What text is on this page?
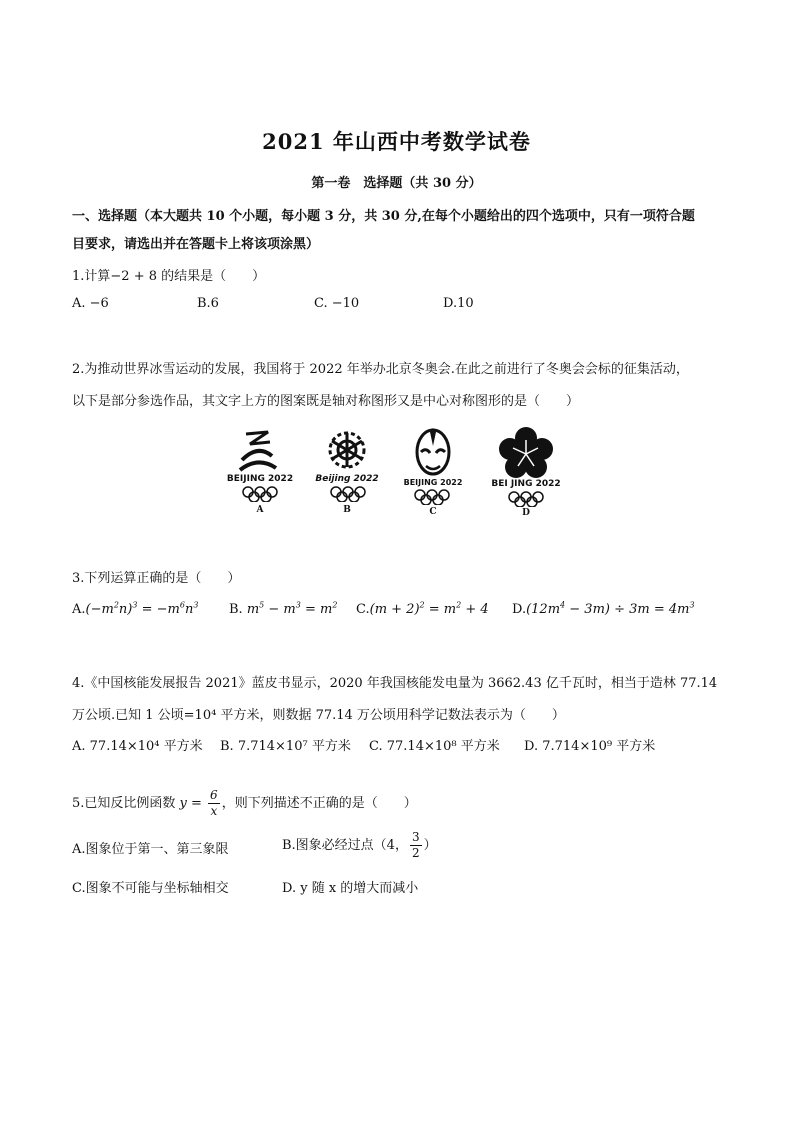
2021 年山西中考数学试卷
第一卷　选择题（共 30 分）
一、选择题（本大题共 10 个小题，每小题 3 分，共 30 分,在每个小题给出的四个选项中，只有一项符合题
目要求，请选出并在答题卡上将该项涂黑）
1.计算−2 + 8 的结果是（　　）
A. −6	B.6	C. −10	D.10
2.为推动世界冰雪运动的发展，我国将于 2022 年举办北京冬奥会.在此之前进行了冬奥会会标的征集活动，
以下是部分参选作品，其文字上方的图案既是轴对称图形又是中心对称图形的是（　　）
BEIJING 2022
A
Beijing 2022
B
BEIJING 2022
C
BEI JING 2022
D
3.下列运算正确的是（　　）
$A.(-m^2n)^3 = -m^6n^3$ B. $m^5 - m^3 = m^2$ $C.(m + 2)^2 = m^2 + 4$ $D.(12m^4 - 3m) \div 3m = 4m^3$
4.《中国核能发展报告 2021》蓝皮书显示，2020 年我国核能发电量为 3662.43 亿千瓦时，相当于造林 77.14
万公顷.已知 1 公顷=10⁴ 平方米，则数据 77.14 万公顷用科学记数法表示为（　　）
A. 77.14×10⁴ 平方米 B. 7.714×10⁷ 平方米 C. 77.14×10⁸ 平方米 D. 7.714×10⁹ 平方米
5.已知反比例函数 $y = \frac{6}{x}$ ，则下列描述不正确的是（　　）
A.图象位于第一、第三象限	B.图象必经过点（4， $\frac{3}{2}$ ）
C.图象不可能与坐标轴相交	D. y 随 x 的增大而减小
